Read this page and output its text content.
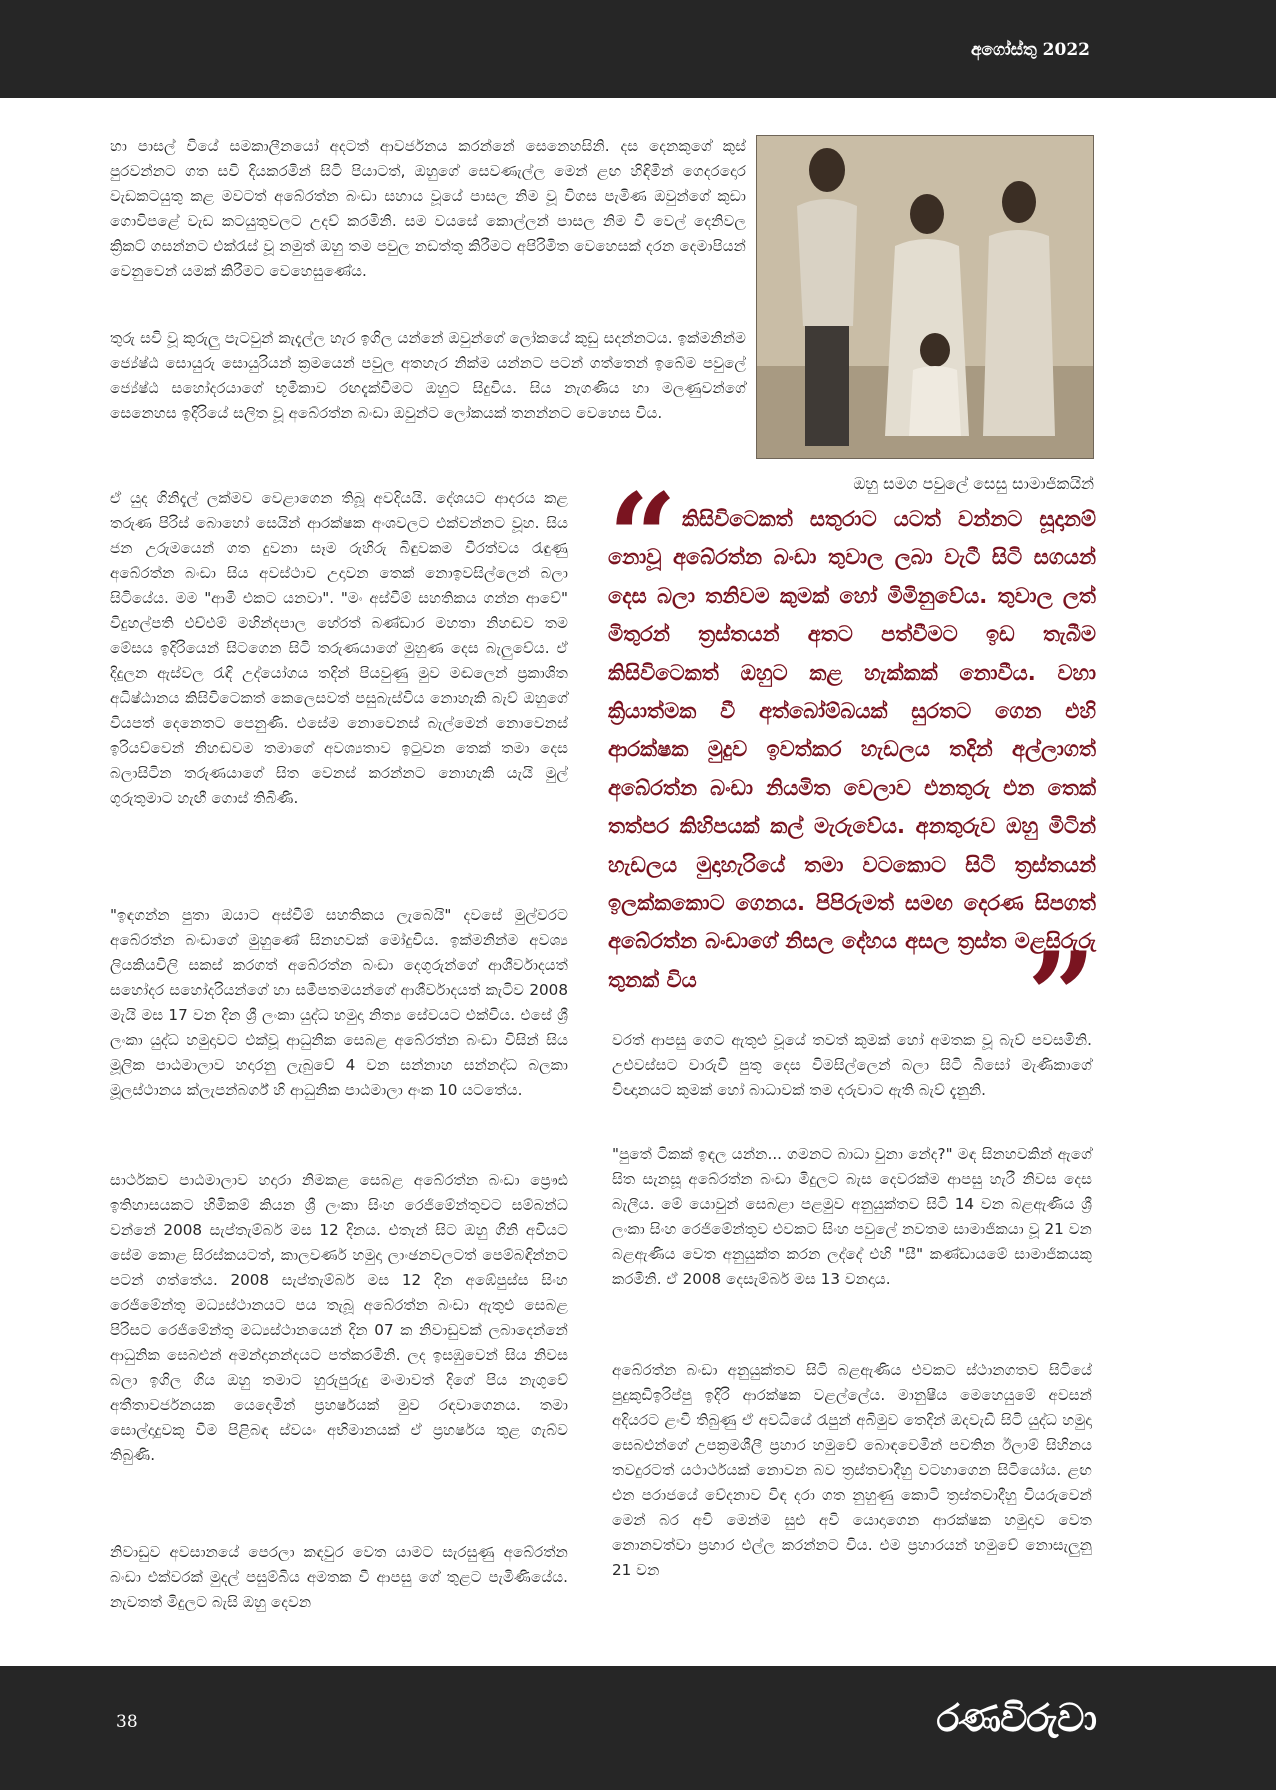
අගෝස්තු 2022
හා පාසල් වියේ සමකාලීනයෝ අදටත් ආවර්ජනය කරන්නේ සෙනෙහසිනි. දස දෙනකුගේ කුස් පුරවන්නට ගත සවි දියකරමින් සිටි පියාටත්, ඔහුගේ සෙවණැල්ල මෙන් ළඟ හිඳිමින් ගෙදරදොර වැඩකටයුතු කළ මවටත් අබේරත්න බංඩා සහාය වූයේ පාසල නිම වූ විගස පැමිණ ඔවුන්ගේ කුඩා ගොවිපළේ වැඩ කටයුතුවලට උදව් කරමිනි. සම වයසේ කොල්ලන් පාසල නිම වී වෙල් දෙනිවල ක්‍රිකට් ගසන්නට එක්රැස් වූ නමුත් ඔහු තම පවුල නඩත්තු කිරීමට අපිරිමිත වෙහෙසක් දරන දෙමාපියන් වෙනුවෙන් යමක් කිරීමට වෙහෙසුණේය.
තුරු සවි වූ කුරුලු පැටවුන් කැදැල්ල හැර ඉගිල යන්නේ ඔවුන්ගේ ලෝකයේ කුඩු සදන්නටය. ඉක්මනින්ම ජ්‍යේෂ්ඨ සොයුරු සොයුරියන් ක්‍රමයෙන් පවුල අතහැර නික්ම යන්නට පටන් ගත්තෙන් ඉබේම පවුලේ ජ්‍යේෂ්ඨ සහෝදරයාගේ භූමිකාව රඟදැක්වීමට ඔහුට සිදුවිය. සිය නැගණිය හා මලණුවන්ගේ සෙනෙහස ඉදිරියේ සලිත වූ අබේරත්න බංඩා ඔවුන්ට ලෝකයක් තනන්නට වෙහෙස විය.
ඔහු සමග පවුලේ සෙසු සාමාජිකයින්
ඒ යුද ගිනිදැල් ලක්මව වෙළාගෙන තිබූ අවදියයි. දේශයට ආදරය කළ තරුණ පිරිස් බොහෝ සෙයින් ආරක්ෂක අංශවලට එක්වන්නට වූහ. සිය ජන උරුමයෙන් ගත දුවනා සෑම රුහිරු බිඳුවකම වීරත්වය රැඳුණු අබේරත්න බංඩා සිය අවස්ථාව උදාවන තෙක් නොඉවසිල්ලෙන් බලා සිටියේය. මම "ආමි එකට යනවා". "මං අස්වීම් සහතිකය ගන්න ආවේ" විදුහල්පති එච්එම් මහින්දපාල හේරත් බණ්ඩාර මහතා නිහඬව තම මේසය ඉදිරියෙන් සිටගෙන සිටි තරුණයාගේ මුහුණ දෙස බැලුවේය. ඒ දිදුලන ඇස්වල රැඳි උද්යෝගය තදින් පියවුණු මුව මඬලෙන් ප්‍රකාශිත අධිෂ්ඨානය කිසිවිටෙකත් කෙලෙසවත් පසුබැස්විය නොහැකි බැව් ඔහුගේ වියපත් දෙනෙතට පෙනුණි. එසේම නොවෙනස් බැල්මෙන් නොවෙනස් ඉරියව්වෙන් නිහඬවම තමාගේ අවශ්‍යතාව ඉටුවන තෙක් තමා දෙස බලාසිටින තරුණයාගේ සිත වෙනස් කරන්නට නොහැකි යැයි මුල් ගුරුතුමාට හැඟී ගොස් තිබිණි.
"ඉඳගන්න පුතා ඔයාට අස්වීම් සහතිකය ලැබෙයි" දවසේ මුල්වරට අබේරත්න බංඩාගේ මුහුණේ සිනහවක් මෝදුවිය. ඉක්මනින්ම අවශ්‍ය ලියකියවිලි සකස් කරගත් අබේරත්න බංඩා දෙගුරුන්ගේ ආශීර්වාදයත් සහෝදර සහෝදරියන්ගේ හා සමීපතමයන්ගේ ආශීර්වාදයත් කැටිව 2008 මැයි මස 17 වන දින ශ්‍රී ලංකා යුද්ධ හමුදා නිත්‍ය සේවයට එක්විය. එසේ ශ්‍රී ලංකා යුද්ධ හමුදාවට එක්වූ ආධුනික සෙබළ අබේරත්න බංඩා විසින් සිය මූලික පාඨමාලාව හදාරනු ලැබුවේ 4 වන සන්නාහ සන්නද්ධ බලකා මූලස්ථානය ක්ලැපන්බර්ග් හි ආධුනික පාඨමාලා අංක 10 යටතේය.
සාර්ථකව පාඨමාලාව හදාරා නිමකළ සෙබළ අබේරත්න බංඩා ප්‍රෞඪ ඉතිහාසයකට හිමිකම් කියන ශ්‍රී ලංකා සිංහ රෙජිමේන්තුවට සම්බන්ධ වන්නේ 2008 සැප්තැම්බර් මස 12 දිනය. එතැන් සිට ඔහු ගිනි අවියට සේම කොළ සිරස්කයටත්, කාලවර්ණ හමුදා ලාංඡනවලටත් පෙම්බඳින්නට පටන් ගත්තේය. 2008 සැප්තැම්බර් මස 12 දින අඹේපුස්ස සිංහ රෙජිමේන්තු මධ්‍යස්ථානයට පය තැබූ අබේරත්න බංඩා ඇතුළු සෙබළ පිරිසට රෙජිමේන්තු මධ්‍යස්ථානයෙන් දින 07 ක නිවාඩුවක් ලබාදෙන්නේ ආධුනික සෙබළුන් අමන්දානන්දයට පත්කරමිනි. ලද ඉසඹුවෙන් සිය නිවස බලා ඉගිල ගිය ඔහු තමාට හුරුපුරුදු මංමාවත් දිගේ පිය නැගුවේ අතීතාවර්ජනයක යෙදෙමින් ප්‍රහර්ෂයක් මුව රඳවාගෙනය. තමා සොල්දාදුවකු වීම පිළිබඳ ස්වයං අභිමානයක් ඒ ප්‍රහර්ෂය තුළ ගැබ්ව තිබුණි.
නිවාඩුව අවසානයේ පෙරලා කඳවුර වෙත යාමට සැරසුණු අබේරත්න බංඩා එක්වරක් මුදල් පසුම්බිය අමතක වී ආපසු ගේ තුළට පැමිණියේය. නැවතත් මිදුලට බැසි ඔහු දෙවන
“ කිසිවිටෙකත් සතුරාට යටත් වන්නට සූදානම් නොවූ අබේරත්න බංඩා තුවාල ලබා වැටී සිටි සගයන් දෙස බලා තනිවම කුමක් හෝ මිමිනුවේය. තුවාල ලත් මිතුරන් ත්‍රස්තයන් අතට පත්වීමට ඉඩ තැබීම කිසිවිටෙකත් ඔහුට කළ හැක්කක් නොවීය. වහා ක්‍රියාත්මක වී අත්බෝම්බයක් සුරතට ගෙන එහි ආරක්ෂක මුදුව ඉවත්කර හැඩලය තදින් අල්ලාගත් අබේරත්න බංඩා නියමිත වෙලාව එනතුරු එන තෙක් තත්පර කිහිපයක් කල් මැරුවේය. අනතුරුව ඔහු මිටින් හැඩලය මුදාහැරියේ තමා වටකොට සිටි ත්‍රස්තයන් ඉලක්කකොට ගෙනය. පිපිරුමත් සමඟ දෙරණ සිපගත් අබේරත්න බංඩාගේ නිසල දේහය අසල ත්‍රස්ත මළසිරුරු තුනක් විය	”
වරත් ආපසු ගෙට ඇතුළු වූයේ තවත් කුමක් හෝ අමතක වූ බැව් පවසමිනි. උළුවස්සට වාරුවී පුතු දෙස විමසිල්ලෙන් බලා සිටි බිසෝ මැණිකාගේ විඥානයට කුමක් හෝ බාධාවක් තම දරුවාට ඇති බැව් දැනුනි.
"පුතේ ටිකක් ඉඳල යන්න... ගමනට බාධා වුනා නේද?" මඳ සිනහවකින් ඇගේ සිත සැනසූ අබේරත්න බංඩා මිදුලට බැස දෙවරක්ම ආපසු හැරී නිවස දෙස බැලීය. මේ යොවුන් සෙබළා පළමුව අනුයුක්තව සිටි 14 වන බළඇණිය ශ්‍රී ලංකා සිංහ රෙජිමේන්තුව එවකට සිංහ පවුලේ නවතම සාමාජිකයා වූ 21 වන බළඇණිය වෙත අනුයුක්ත කරන ලද්දේ එහි "සී" කණ්ඩායමේ සාමාජිකයකු කරමිනි. ඒ 2008 දෙසැම්බර් මස 13 වනදාය.
අබේරත්න බංඩා අනුයුක්තව සිටි බළඇණිය එවකට ස්ථානගතව සිටියේ පුදුකුඩිඉරිප්පු ඉදිරි ආරක්ෂක වළල්ලේය. මානුෂීය මෙහෙයුමේ අවසන් අදියරට ළංවී තිබුණු ඒ අවධියේ රැපුන් අබිමුව තෙදින් ඔදවැඩී සිටි යුද්ධ හමුදා සෙබළුන්ගේ උපක්‍රමශීලී ප්‍රහාර හමුවේ බොඳවෙමින් පවතින ඊලාම් සිහිනය තවදුරටත් යථාර්ථයක් නොවන බව ත්‍රස්තවාදීහු වටහාගෙන සිටියෝය. ළඟ එන පරාජයේ වේදනාව විඳ දරා ගත නුහුණු කොටි ත්‍රස්තවාදීහු වියරුවෙන් මෙන් බර අවි මෙන්ම සුළු අවි යොදාගෙන ආරක්ෂක හමුදාව වෙත නොනවත්වා ප්‍රහාර එල්ල කරන්නට විය. එම ප්‍රහාරයන් හමුවේ නොසැලුනු 21 වන
38	රණවිරුවා
